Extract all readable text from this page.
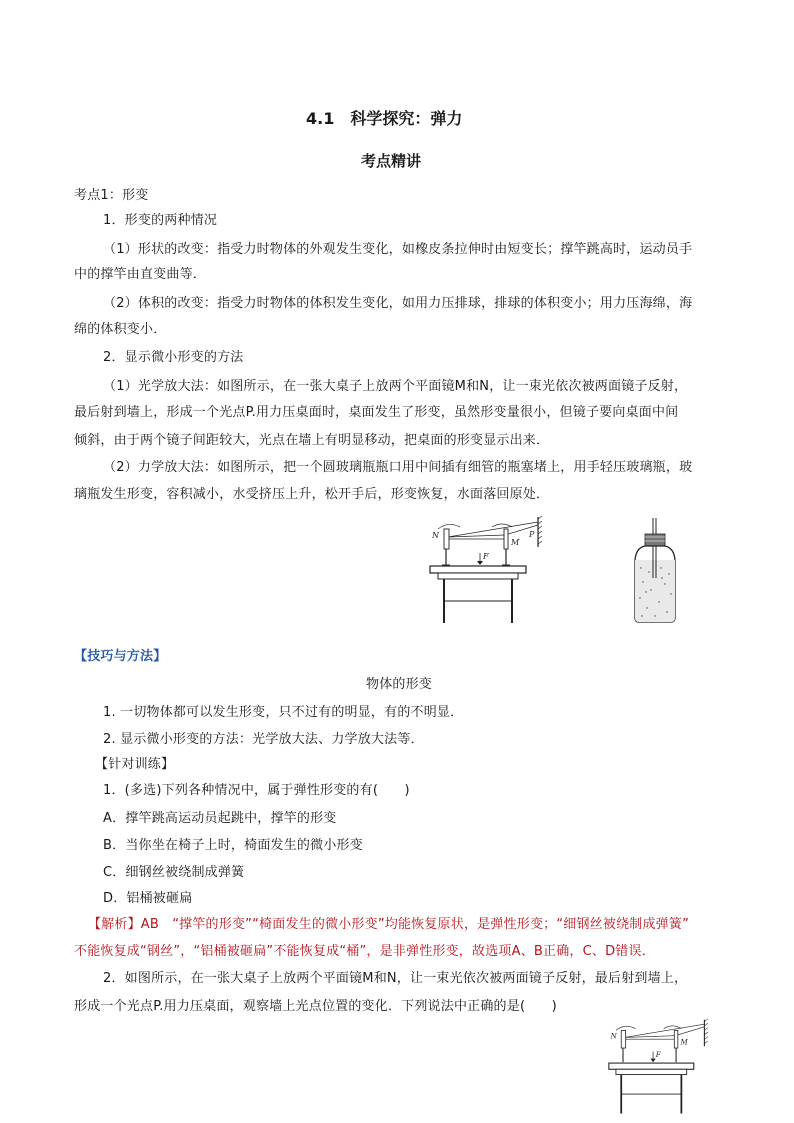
4.1　科学探究：弹力
考点精讲
考点1：形变
1．形变的两种情况
（1）形状的改变：指受力时物体的外观发生变化，如橡皮条拉伸时由短变长；撑竿跳高时，运动员手
中的撑竿由直变曲等．
（2）体积的改变：指受力时物体的体积发生变化，如用力压排球，排球的体积变小；用力压海绵，海
绵的体积变小．
2．显示微小形变的方法
（1）光学放大法：如图所示，在一张大桌子上放两个平面镜M和N，让一束光依次被两面镜子反射，
最后射到墙上，形成一个光点P.用力压桌面时，桌面发生了形变，虽然形变量很小，但镜子要向桌面中间
倾斜，由于两个镜子间距较大，光点在墙上有明显移动，把桌面的形变显示出来．
（2）力学放大法：如图所示，把一个圆玻璃瓶瓶口用中间插有细管的瓶塞堵上，用手轻压玻璃瓶，玻
璃瓶发生形变，容积减小，水受挤压上升，松开手后，形变恢复，水面落回原处．
N
M
P
F
【技巧与方法】
物体的形变
1. 一切物体都可以发生形变，只不过有的明显，有的不明显．
2. 显示微小形变的方法：光学放大法、力学放大法等．
【针对训练】
1．(多选)下列各种情况中，属于弹性形变的有(　　)
A．撑竿跳高运动员起跳中，撑竿的形变
B．当你坐在椅子上时，椅面发生的微小形变
C．细钢丝被绕制成弹簧
D．铝桶被砸扁
【解析】AB　“撑竿的形变”“椅面发生的微小形变”均能恢复原状，是弹性形变；“细钢丝被绕制成弹簧”
不能恢复成“钢丝”，“铝桶被砸扁”不能恢复成“桶”，是非弹性形变，故选项A、B正确，C、D错误．
2．如图所示，在一张大桌子上放两个平面镜M和N，让一束光依次被两面镜子反射，最后射到墙上，
形成一个光点P.用力压桌面，观察墙上光点位置的变化．下列说法中正确的是(　　)
N
M
F
